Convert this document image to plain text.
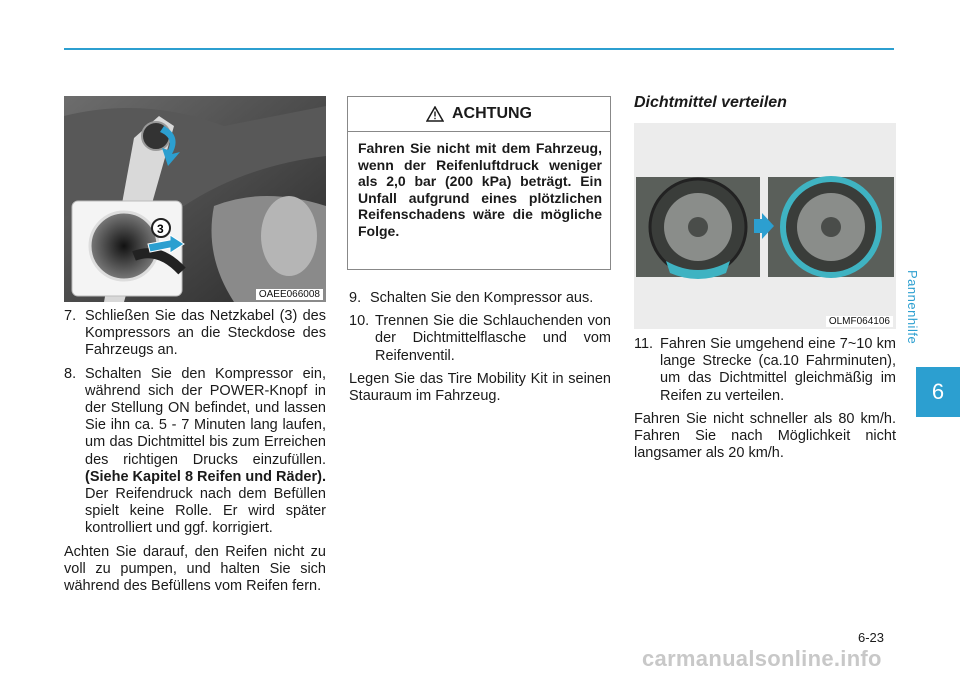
Pannenhilfe
6
3
OAEE066008
7. Schließen Sie das Netzkabel (3) des Kompressors an die Steckdose des Fahrzeugs an.
8. Schalten Sie den Kompressor ein, während sich der POWER-Knopf in der Stellung ON befindet, und lassen Sie ihn ca. 5 - 7 Minuten lang laufen, um das Dichtmittel bis zum Erreichen des richtigen Drucks einzufüllen. (Siehe Kapitel 8 Reifen und Räder). Der Reifendruck nach dem Befüllen spielt keine Rolle. Er wird später kontrolliert und ggf. korrigiert.

Achten Sie darauf, den Reifen nicht zu voll zu pumpen, und halten Sie sich während des Befüllens vom Reifen fern.

ACHTUNG
Fahren Sie nicht mit dem Fahrzeug, wenn der Reifenluftdruck weniger als 2,0 bar (200 kPa) beträgt. Ein Unfall aufgrund eines plötzlichen Reifenschadens wäre die mögliche Folge.
9. Schalten Sie den Kompressor aus.
10. Trennen Sie die Schlauchenden von der Dichtmittelflasche und vom Reifenventil.

Legen Sie das Tire Mobility Kit in seinen Stauraum im Fahrzeug.

Dichtmittel verteilen
OLMF064106
11. Fahren Sie umgehend eine 7~10 km lange Strecke (ca.10 Fahrminuten), um das Dichtmittel gleichmäßig im Reifen zu verteilen.

Fahren Sie nicht schneller als 80 km/h. Fahren Sie nach Möglichkeit nicht langsamer als 20 km/h.

6-23
carmanualsonline.info
